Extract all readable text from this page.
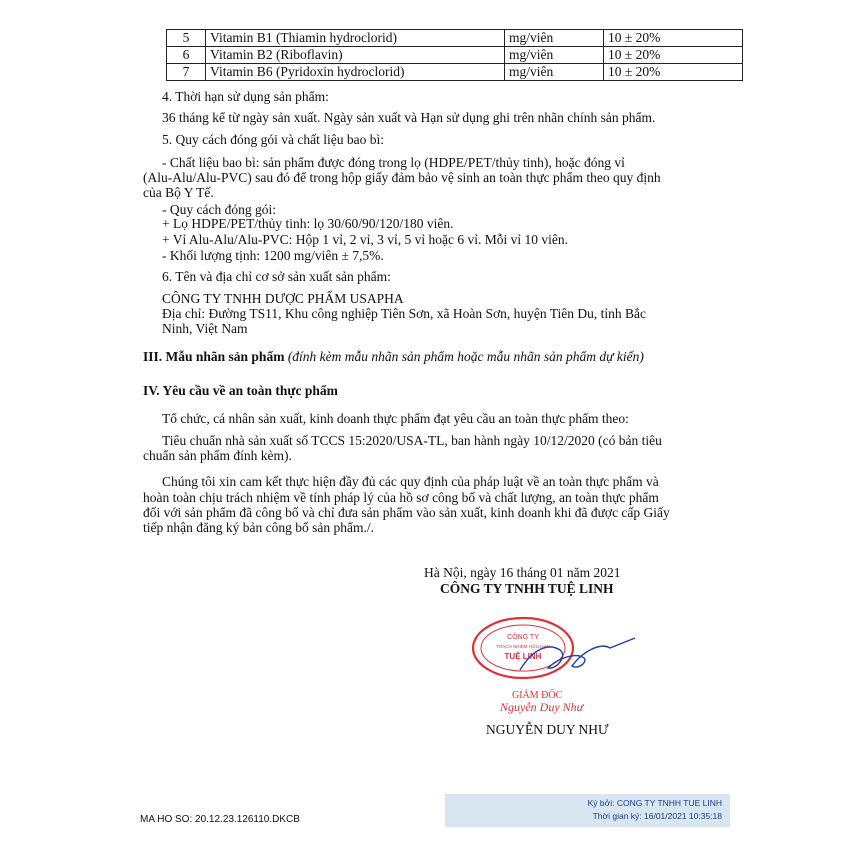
5	Vitamin B1 (Thiamin hydroclorid)	mg/viên	10 ± 20%
6	Vitamin B2 (Riboflavin)	mg/viên	10 ± 20%
7	Vitamin B6 (Pyridoxin hydroclorid)	mg/viên	10 ± 20%
4. Thời hạn sử dụng sản phẩm:
36 tháng kể từ ngày sản xuất. Ngày sản xuất và Hạn sử dụng ghi trên nhãn chính sản phẩm.
5. Quy cách đóng gói và chất liệu bao bì:
- Chất liệu bao bì: sản phẩm được đóng trong lọ (HDPE/PET/thủy tinh), hoặc đóng vỉ
(Alu-Alu/Alu-PVC) sau đó để trong hộp giấy đảm bảo vệ sinh an toàn thực phẩm theo quy định
của Bộ Y Tế.
- Quy cách đóng gói:
+ Lọ HDPE/PET/thủy tinh: lọ 30/60/90/120/180 viên.
+ Vỉ Alu-Alu/Alu-PVC: Hộp 1 vỉ, 2 vỉ, 3 vỉ, 5 vỉ hoặc 6 vỉ. Mỗi vỉ 10 viên.
- Khối lượng tịnh: 1200 mg/viên ± 7,5%.
6. Tên và địa chỉ cơ sở sản xuất sản phẩm:
CÔNG TY TNHH DƯỢC PHẨM USAPHA
Địa chỉ: Đường TS11, Khu công nghiệp Tiên Sơn, xã Hoàn Sơn, huyện Tiên Du, tỉnh Bắc
Ninh, Việt Nam
III. Mẫu nhãn sản phẩm (đính kèm mẫu nhãn sản phẩm hoặc mẫu nhãn sản phẩm dự kiến)
IV. Yêu cầu về an toàn thực phẩm
Tổ chức, cá nhân sản xuất, kinh doanh thực phẩm đạt yêu cầu an toàn thực phẩm theo:
Tiêu chuẩn nhà sản xuất số TCCS 15:2020/USA-TL, ban hành ngày 10/12/2020 (có bản tiêu
chuẩn sản phẩm đính kèm).
Chúng tôi xin cam kết thực hiện đầy đủ các quy định của pháp luật về an toàn thực phẩm và
hoàn toàn chịu trách nhiệm về tính pháp lý của hồ sơ công bố và chất lượng, an toàn thực phẩm
đối với sản phẩm đã công bố và chỉ đưa sản phẩm vào sản xuất, kinh doanh khi đã được cấp Giấy
tiếp nhận đăng ký bản công bố sản phẩm./.
Hà Nội, ngày 16 tháng 01 năm 2021
CÔNG TY TNHH TUỆ LINH
CÔNG TY
TRÁCH NHIỆM HỮU HẠN
TUỆ LINH
GIÁM ĐỐC
Nguyễn Duy Như
NGUYỄN DUY NHƯ
MA HO SO: 20.12.23.126110.DKCB
Ký bởi: CONG TY TNHH TUE LINH
Thời gian ký: 16/01/2021 10:35:18
